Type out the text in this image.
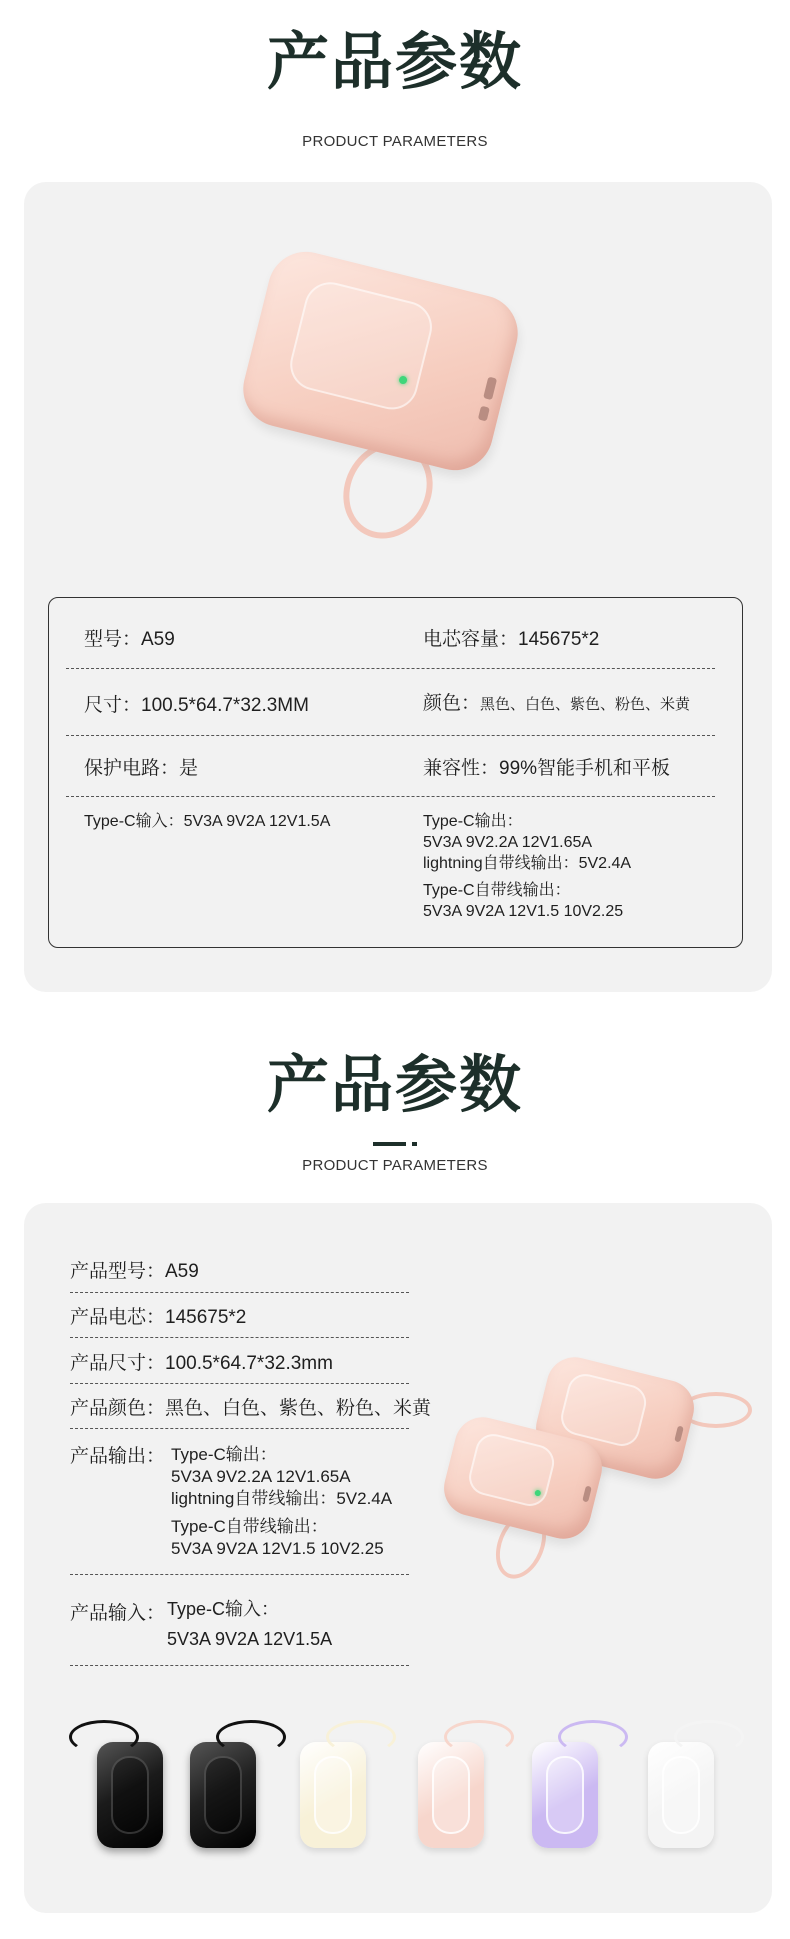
产品参数
PRODUCT PARAMETERS
型号：A59	电芯容量：145675*2
尺寸：100.5*64.7*32.3MM	颜色：黑色、白色、紫色、粉色、米黄
保护电路：是	兼容性：99%智能手机和平板
Type-C输入：5V3A 9V2A 12V1.5A	Type-C输出：
5V3A 9V2.2A 12V1.65A
lightning自带线输出：5V2.4A
Type-C自带线输出：
5V3A 9V2A 12V1.5 10V2.25
产品参数
PRODUCT PARAMETERS
产品型号：A59
产品电芯：145675*2
产品尺寸：100.5*64.7*32.3mm
产品颜色：黑色、白色、紫色、粉色、米黄
产品输出： Type-C输出：
5V3A 9V2.2A 12V1.65A
lightning自带线输出：5V2.4A
Type-C自带线输出：
5V3A 9V2A 12V1.5 10V2.25
产品输入： Type-C输入：
5V3A 9V2A 12V1.5A
